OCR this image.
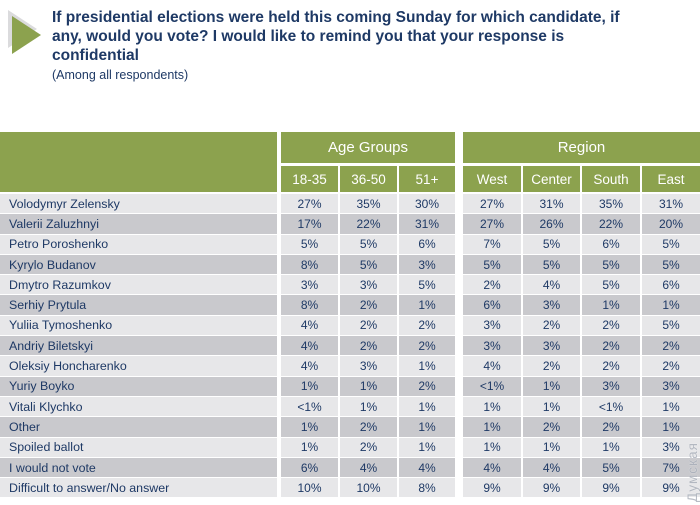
If presidential elections were held this coming Sunday for which candidate, if any, would you vote? I would like to remind you that your response is confidential
(Among all respondents)
Age Groups	Region
18-35	36-50	51+	West	Center	South	East
Volodymyr Zelensky	27%	35%	30%	27%	31%	35%	31%
Valerii Zaluzhnyi	17%	22%	31%	27%	26%	22%	20%
Petro Poroshenko	5%	5%	6%	7%	5%	6%	5%
Kyrylo Budanov	8%	5%	3%	5%	5%	5%	5%
Dmytro Razumkov	3%	3%	5%	2%	4%	5%	6%
Serhiy Prytula	8%	2%	1%	6%	3%	1%	1%
Yuliia Tymoshenko	4%	2%	2%	3%	2%	2%	5%
Andriy Biletskyi	4%	2%	2%	3%	3%	2%	2%
Oleksiy Honcharenko	4%	3%	1%	4%	2%	2%	2%
Yuriy Boyko	1%	1%	2%	<1%	1%	3%	3%
Vitali Klychko	<1%	1%	1%	1%	1%	<1%	1%
Other	1%	2%	1%	1%	2%	2%	1%
Spoiled ballot	1%	2%	1%	1%	1%	1%	3%
I would not vote	6%	4%	4%	4%	4%	5%	7%
Difficult to answer/No answer	10%	10%	8%	9%	9%	9%	9% Думская
